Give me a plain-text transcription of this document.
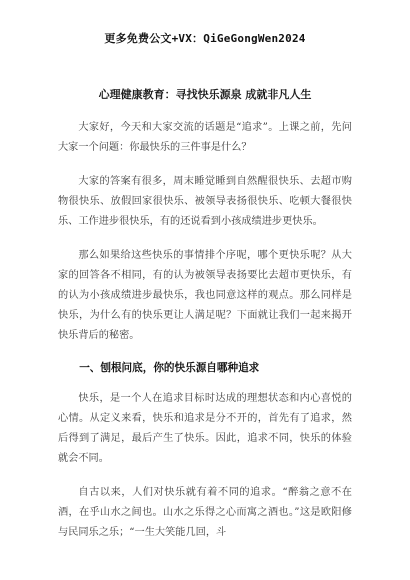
更多免费公文+VX：QiGeGongWen2024
心理健康教育：寻找快乐源泉 成就非凡人生

大家好，今天和大家交流的话题是“追求”。上课之前，先问大家一个问题：你最快乐的三件事是什么？

大家的答案有很多，周末睡觉睡到自然醒很快乐、去超市购物很快乐、放假回家很快乐、被领导表扬很快乐、吃顿大餐很快乐、工作进步很快乐，有的还说看到小孩成绩进步更快乐。

那么如果给这些快乐的事情排个序呢，哪个更快乐呢？从大家的回答各不相同，有的认为被领导表扬要比去超市更快乐，有的认为小孩成绩进步最快乐，我也同意这样的观点。那么同样是快乐，为什么有的快乐更让人满足呢？下面就让我们一起来揭开快乐背后的秘密。

一、刨根问底，你的快乐源自哪种追求

快乐，是一个人在追求目标时达成的理想状态和内心喜悦的心情。从定义来看，快乐和追求是分不开的，首先有了追求，然后得到了满足，最后产生了快乐。因此，追求不同，快乐的体验就会不同。

自古以来，人们对快乐就有着不同的追求。“醉翁之意不在酒，在乎山水之间也。山水之乐得之心而寓之酒也。”这是欧阳修与民同乐之乐；“一生大笑能几回，斗
